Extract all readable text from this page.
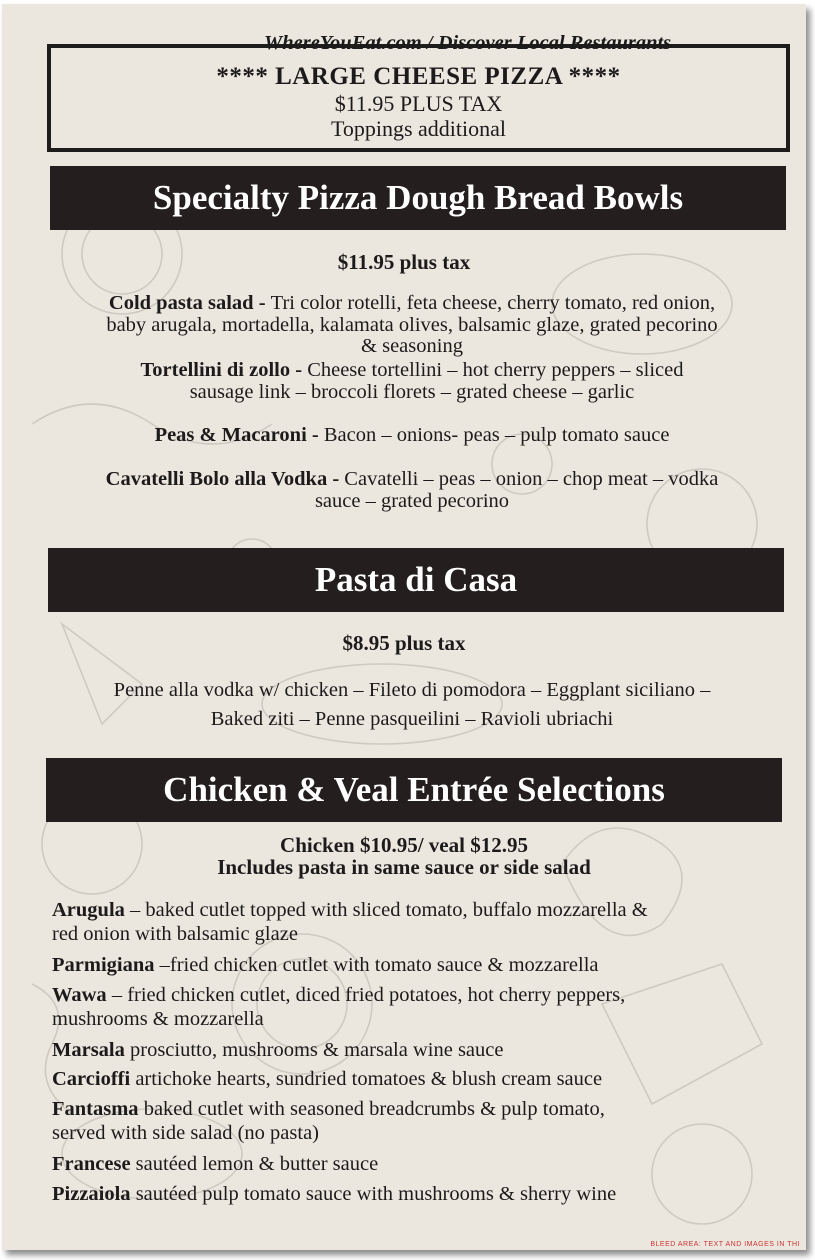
WhereYouEat.com / Discover Local Restaurants
**** LARGE CHEESE PIZZA ****
$11.95 PLUS TAX
Toppings additional
Specialty Pizza Dough Bread Bowls
$11.95 plus tax
Cold pasta salad - Tri color rotelli, feta cheese, cherry tomato, red onion,
baby arugala, mortadella, kalamata olives, balsamic glaze, grated pecorino
& seasoning
Tortellini di zollo - Cheese tortellini – hot cherry peppers – sliced
sausage link – broccoli florets – grated cheese – garlic
Peas & Macaroni - Bacon – onions- peas – pulp tomato sauce
Cavatelli Bolo alla Vodka - Cavatelli – peas – onion – chop meat – vodka
sauce – grated pecorino
Pasta di Casa
$8.95 plus tax
Penne alla vodka w/ chicken – Fileto di pomodora – Eggplant siciliano –
Baked ziti – Penne pasqueilini – Ravioli ubriachi
Chicken & Veal Entrée Selections
Chicken $10.95/ veal $12.95
Includes pasta in same sauce or side salad
Arugula – baked cutlet topped with sliced tomato, buffalo mozzarella &
red onion with balsamic glaze
Parmigiana –fried chicken cutlet with tomato sauce & mozzarella
Wawa – fried chicken cutlet, diced fried potatoes, hot cherry peppers,
mushrooms & mozzarella
Marsala prosciutto, mushrooms & marsala wine sauce
Carcioffi artichoke hearts, sundried tomatoes & blush cream sauce
Fantasma baked cutlet with seasoned breadcrumbs & pulp tomato,
served with side salad (no pasta)
Francese sautéed lemon & butter sauce
Pizzaiola sautéed pulp tomato sauce with mushrooms & sherry wine
BLEED AREA: TEXT AND IMAGES IN THI
